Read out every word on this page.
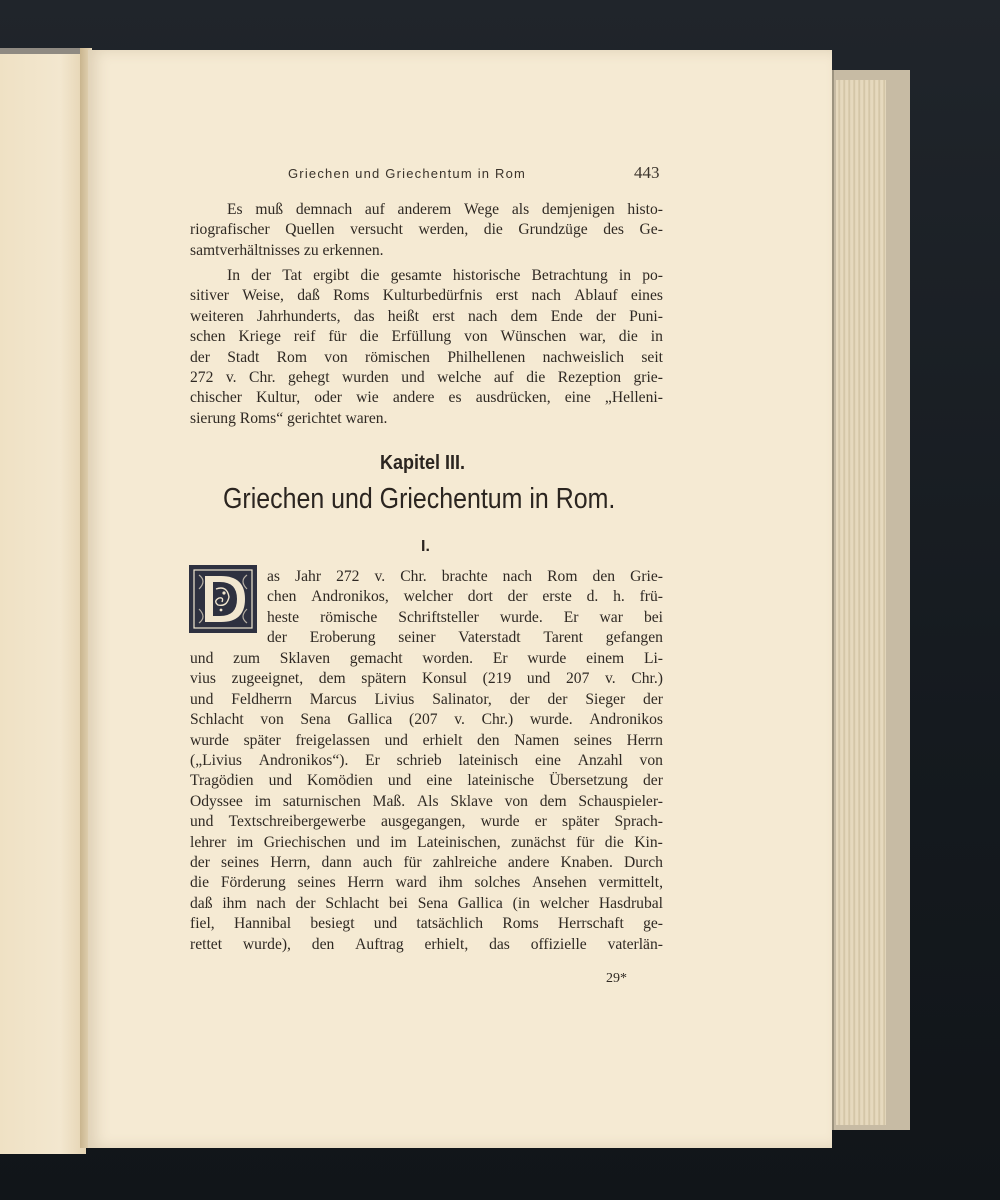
Griechen und Griechentum in Rom	443
Es muß demnach auf anderem Wege als demjenigen histo-
riografischer Quellen versucht werden, die Grundzüge des Ge-
samtverhältnisses zu erkennen.
In der Tat ergibt die gesamte historische Betrachtung in po-
sitiver Weise, daß Roms Kulturbedürfnis erst nach Ablauf eines
weiteren Jahrhunderts, das heißt erst nach dem Ende der Puni-
schen Kriege reif für die Erfüllung von Wünschen war, die in
der Stadt Rom von römischen Philhellenen nachweislich seit
272 v. Chr. gehegt wurden und welche auf die Rezeption grie-
chischer Kultur, oder wie andere es ausdrücken, eine „Helleni-
sierung Roms“ gerichtet waren.
Kapitel III.
Griechen und Griechentum in Rom.
I.
as Jahr 272 v. Chr. brachte nach Rom den Grie-
chen Andronikos, welcher dort der erste d. h. frü-
heste römische Schriftsteller wurde. Er war bei
der Eroberung seiner Vaterstadt Tarent gefangen
und zum Sklaven gemacht worden. Er wurde einem Li-
vius zugeeignet, dem spätern Konsul (219 und 207 v. Chr.)
und Feldherrn Marcus Livius Salinator, der der Sieger der
Schlacht von Sena Gallica (207 v. Chr.) wurde. Andronikos
wurde später freigelassen und erhielt den Namen seines Herrn
(„Livius Andronikos“). Er schrieb lateinisch eine Anzahl von
Tragödien und Komödien und eine lateinische Übersetzung der
Odyssee im saturnischen Maß. Als Sklave von dem Schauspieler-
und Textschreibergewerbe ausgegangen, wurde er später Sprach-
lehrer im Griechischen und im Lateinischen, zunächst für die Kin-
der seines Herrn, dann auch für zahlreiche andere Knaben. Durch
die Förderung seines Herrn ward ihm solches Ansehen vermittelt,
daß ihm nach der Schlacht bei Sena Gallica (in welcher Hasdrubal
fiel, Hannibal besiegt und tatsächlich Roms Herrschaft ge-
rettet wurde), den Auftrag erhielt, das offizielle vaterlän-
29*
